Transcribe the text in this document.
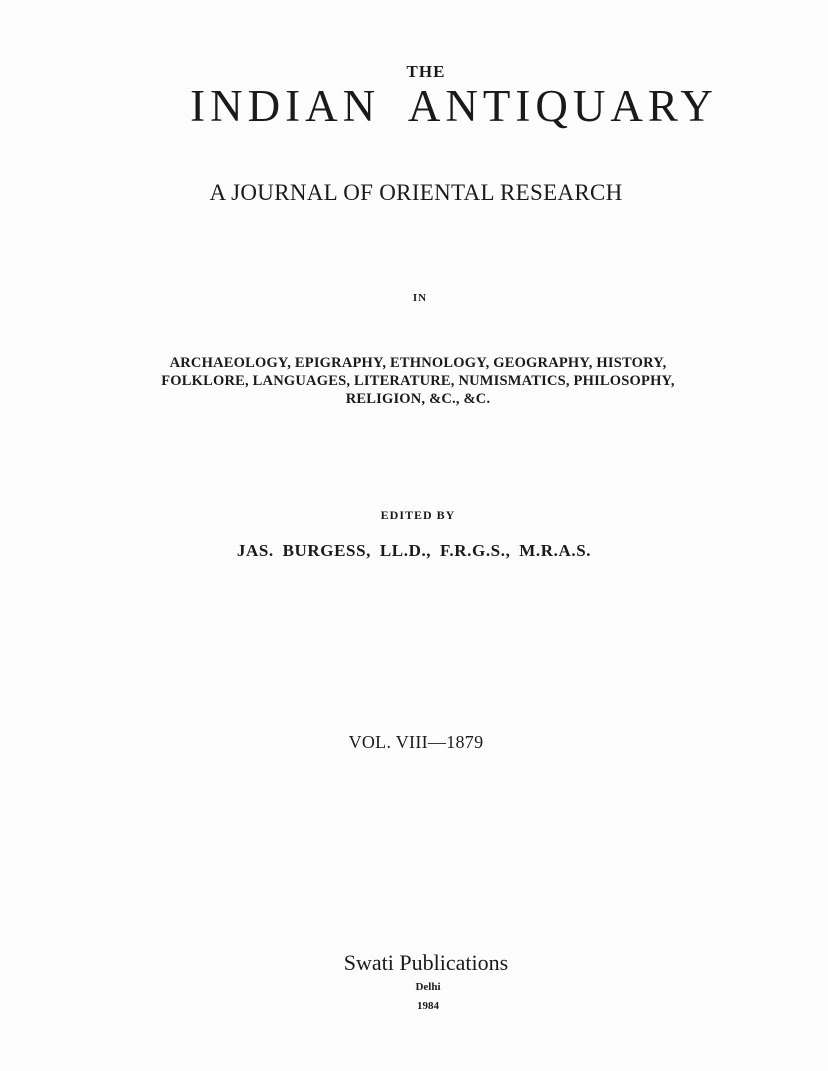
THE
INDIAN ANTIQUARY
A JOURNAL OF ORIENTAL RESEARCH
IN
ARCHAEOLOGY, EPIGRAPHY, ETHNOLOGY, GEOGRAPHY, HISTORY,
FOLKLORE, LANGUAGES, LITERATURE, NUMISMATICS, PHILOSOPHY,
RELIGION, &C., &C.
EDITED BY
JAS. BURGESS, LL.D., F.R.G.S., M.R.A.S.
VOL. VIII—1879
Swati Publications
Delhi
1984
